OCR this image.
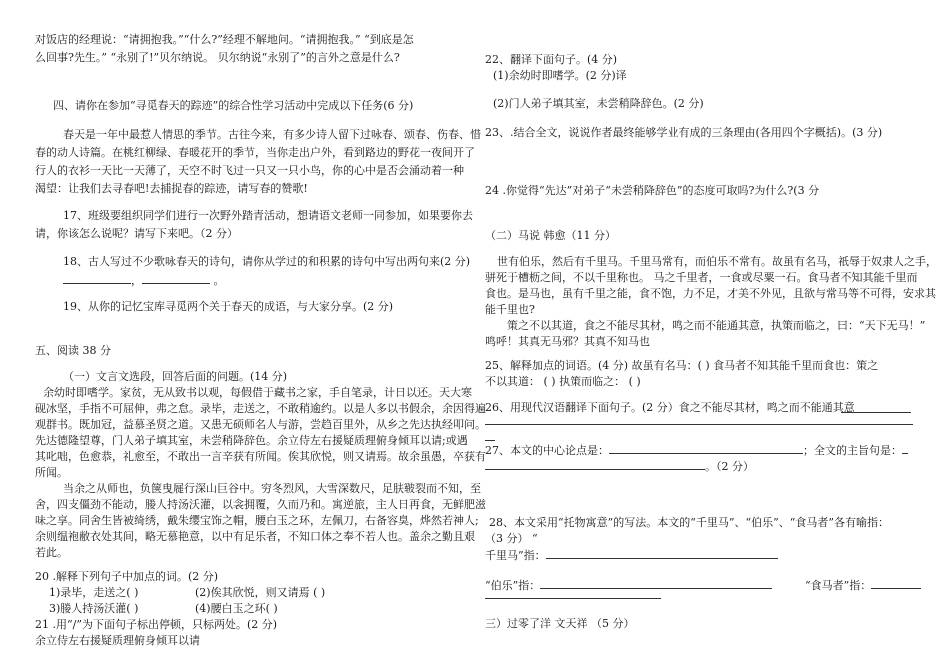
对饭店的经理说：“请拥抱我。”“什么?”经理不解地问。“请拥抱我。” “到底是怎
么回事?先生。” “永别了!”贝尔纳说。 贝尔纳说“永别了”的言外之意是什么?
四、请你在参加“寻觅春天的踪迹”的综合性学习活动中完成以下任务(6 分)
春天是一年中最惹人情思的季节。古往今来，有多少诗人留下过咏春、颂春、伤春、惜
春的动人诗篇。在桃红柳绿、春暖花开的季节，当你走出户外，看到路边的野花一夜间开了
行人的衣衫一天比一天薄了，天空不时飞过一只又一只小鸟，你的心中是否会涌动着一种
渴望：让我们去寻春吧!去捕捉春的踪迹，请写春的赞歌!
17、班级要组织同学们进行一次野外踏青活动，想请语文老师一同参加，如果要你去
请，你该怎么说呢？请写下来吧。（2 分）
18、古人写过不少歌咏春天的诗句，请你从学过的和积累的诗句中写出两句来(2 分)
，	。
19、从你的记忆宝库寻觅两个关于春天的成语，与大家分享。(2 分)
五、阅读 38 分
（一）文言文选段，回答后面的问题。(14 分)
余幼时即嗜学。家贫，无从致书以观，每假借于藏书之家，手自笔录，计日以还。天大寒
砚冰坚，手指不可屈伸，弗之怠。录毕，走送之，不敢稍逾约。以是人多以书假余，余因得遍
观群书。既加冠，益慕圣贤之道。又患无硕师名人与游，尝趋百里外，从乡之先达执经叩问。
先达德隆望尊，门人弟子填其室，未尝稍降辞色。余立侍左右援疑质理俯身倾耳以请;或遇
其叱咄，色愈恭，礼愈至，不敢出一言辛获有所闻。俟其欣悦，则又请焉。故余虽愚，卒获有
所闻。
当余之从师也，负箧曳屣行深山巨谷中。穷冬烈风，大雪深数尺，足肤皲裂而不知，至
舍，四支僵劲不能动，媵人持汤沃灌，以衾拥覆，久而乃和。寓逆旅，主人日再食，无鲜肥滋
味之享。同舍生皆被绮绣，戴朱缨宝饰之帽，腰白玉之环，左佩刀，右备容臭，烨然若神人;
余则缊袍敝衣处其间，略无慕艳意，以中有足乐者，不知口体之奉不若人也。盖余之勤且艰
若此。
20 .解释下列句子中加点的词。(2 分)
1)录毕，走送之( )	(2)俟其欣悦，则又请焉 ( )
3)媵人持汤沃灌( )	(4)腰白玉之环( )
21 .用“/”为下面句子标出停顿，只标两处。(2 分)
余立侍左右援疑质理俯身倾耳以请
22、翻译下面句子。(4 分)
(1)余幼时即嗜学。(2 分)译
(2)门人弟子填其室，未尝稍降辞色。(2 分)
23、.结合全文，说说作者最终能够学业有成的三条理由(各用四个字概括)。(3 分)
24 .你觉得“先达”对弟子“未尝稍降辞色”的态度可取吗?为什么?(3 分
（二）马说 韩愈（11 分）
世有伯乐，然后有千里马。千里马常有，而伯乐不常有。故虽有名马，祇辱于奴隶人之手，
骈死于槽枥之间，不以千里称也。 马之千里者，一食或尽粟一石。食马者不知其能千里而
食也。是马也，虽有千里之能，食不饱，力不足，才美不外见，且欲与常马等不可得，安求其
能千里也?
策之不以其道，食之不能尽其材，鸣之而不能通其意，执策而临之，曰：“天下无马！”
鸣呼！其真无马邪？其真不知马也
25、解释加点的词语。(4 分) 故虽有名马：( ) 食马者不知其能千里而食也：策之
不以其道： ( ) 执策而临之： ( )
26、用现代汉语翻译下面句子。(2 分）食之不能尽其材，鸣之而不能通其意
27、本文的中心论点是：	；全文的主旨句是：
。（2 分）
28、本文采用“托物寓意”的写法。本文的“千里马”、“伯乐”、“食马者”各有喻指：
（3 分） “
千里马”指：
“伯乐”指：	“食马者”指：
三）过零了洋 文天祥 （5 分）
